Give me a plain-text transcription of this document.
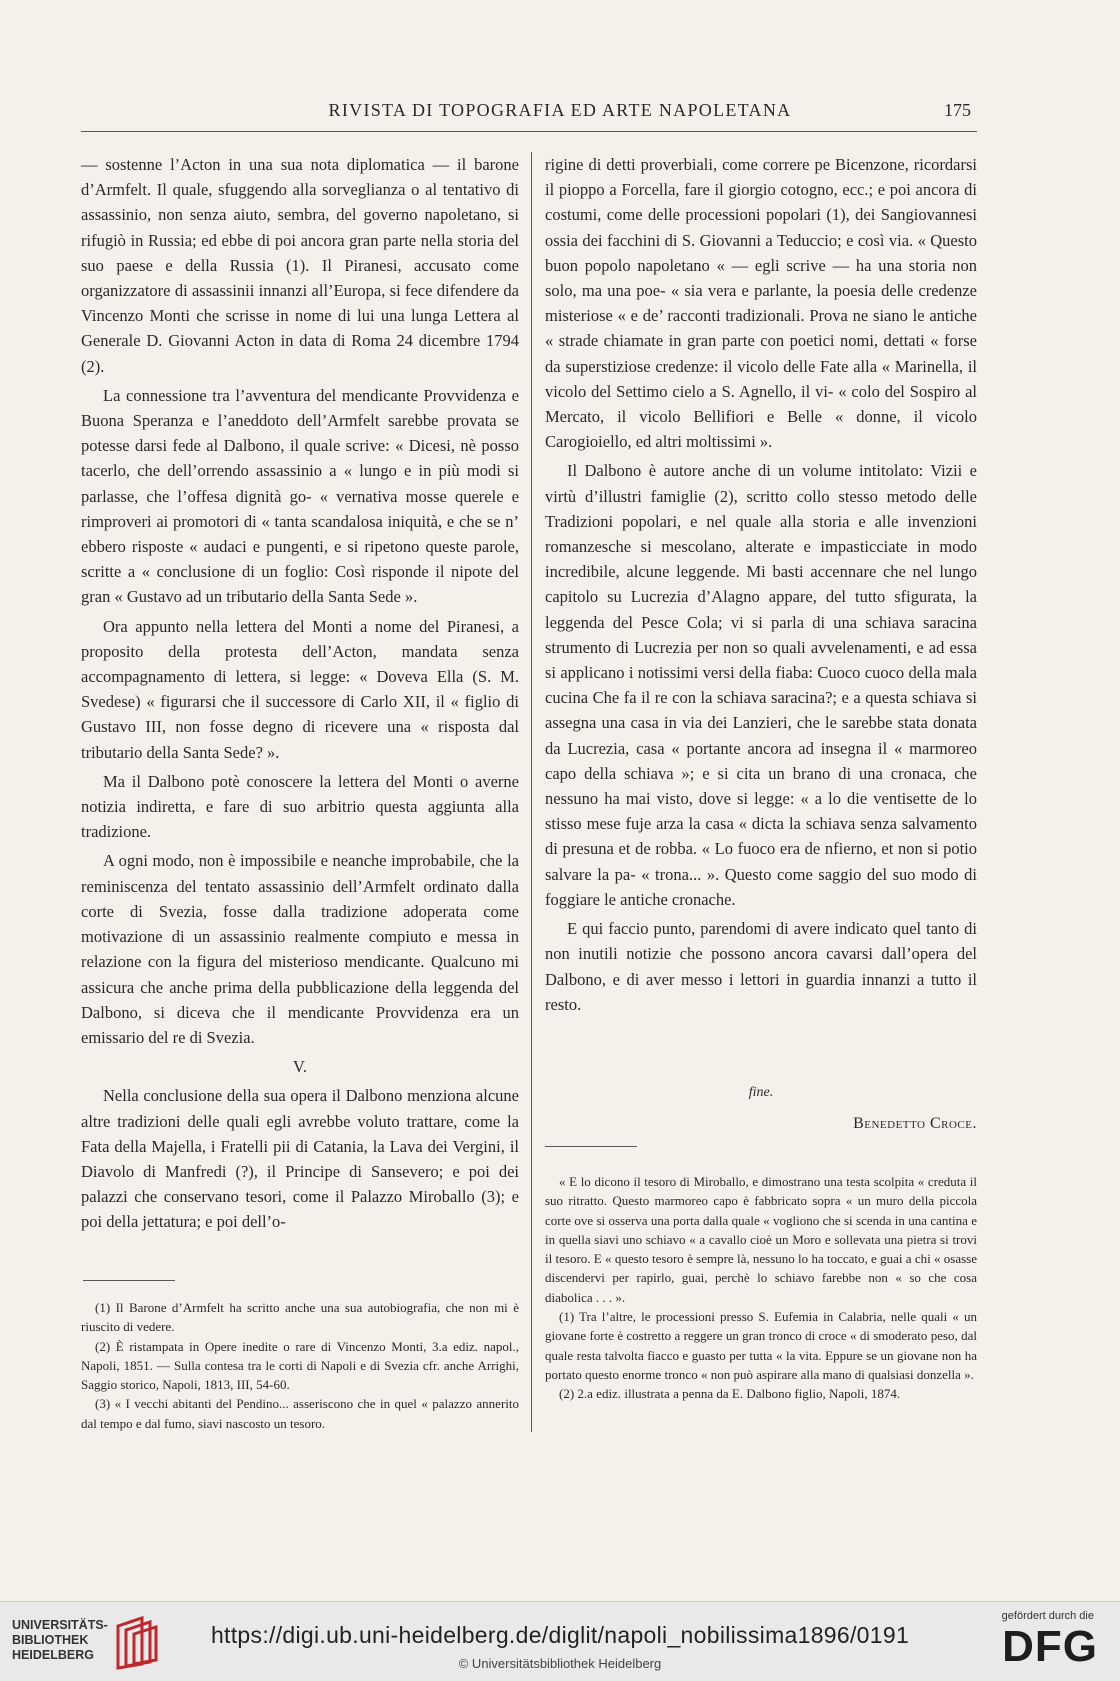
RIVISTA DI TOPOGRAFIA ED ARTE NAPOLETANA	175

— sostenne l’Acton in una sua nota diplomatica — il barone d’Armfelt. Il quale, sfuggendo alla sorveglianza o al tentativo di assassinio, non senza aiuto, sembra, del governo napoletano, si rifugiò in Russia; ed ebbe di poi ancora gran parte nella storia del suo paese e della Russia (1). Il Piranesi, accusato come organizzatore di assassinii innanzi all’Europa, si fece difendere da Vincenzo Monti che scrisse in nome di lui una lunga Lettera al Generale D. Giovanni Acton in data di Roma 24 dicembre 1794 (2).

La connessione tra l’avventura del mendicante Provvidenza e Buona Speranza e l’aneddoto dell’Armfelt sarebbe provata se potesse darsi fede al Dalbono, il quale scrive: « Dicesi, nè posso tacerlo, che dell’orrendo assassinio a « lungo e in più modi si parlasse, che l’offesa dignità go- « vernativa mosse querele e rimproveri ai promotori di « tanta scandalosa iniquità, e che se n’ ebbero risposte « audaci e pungenti, e si ripetono queste parole, scritte a « conclusione di un foglio: Così risponde il nipote del gran « Gustavo ad un tributario della Santa Sede ».

Ora appunto nella lettera del Monti a nome del Piranesi, a proposito della protesta dell’Acton, mandata senza accompagnamento di lettera, si legge: « Doveva Ella (S. M. Svedese) « figurarsi che il successore di Carlo XII, il « figlio di Gustavo III, non fosse degno di ricevere una « risposta dal tributario della Santa Sede? ».

Ma il Dalbono potè conoscere la lettera del Monti o averne notizia indiretta, e fare di suo arbitrio questa aggiunta alla tradizione.

A ogni modo, non è impossibile e neanche improbabile, che la reminiscenza del tentato assassinio dell’Armfelt ordinato dalla corte di Svezia, fosse dalla tradizione adoperata come motivazione di un assassinio realmente compiuto e messa in relazione con la figura del misterioso mendicante. Qualcuno mi assicura che anche prima della pubblicazione della leggenda del Dalbono, si diceva che il mendicante Provvidenza era un emissario del re di Svezia.

V.

Nella conclusione della sua opera il Dalbono menziona alcune altre tradizioni delle quali egli avrebbe voluto trattare, come la Fata della Majella, i Fratelli pii di Catania, la Lava dei Vergini, il Diavolo di Manfredi (?), il Principe di Sansevero; e poi dei palazzi che conservano tesori, come il Palazzo Miroballo (3); e poi della jettatura; e poi dell’o-

rigine di detti proverbiali, come correre pe Bicenzone, ricordarsi il pioppo a Forcella, fare il giorgio cotogno, ecc.; e poi ancora di costumi, come delle processioni popolari (1), dei Sangiovannesi ossia dei facchini di S. Giovanni a Teduccio; e così via. « Questo buon popolo napoletano « — egli scrive — ha una storia non solo, ma una poe- « sia vera e parlante, la poesia delle credenze misteriose « e de’ racconti tradizionali. Prova ne siano le antiche « strade chiamate in gran parte con poetici nomi, dettati « forse da superstiziose credenze: il vicolo delle Fate alla « Marinella, il vicolo del Settimo cielo a S. Agnello, il vi- « colo del Sospiro al Mercato, il vicolo Bellifiori e Belle « donne, il vicolo Carogioiello, ed altri moltissimi ».

Il Dalbono è autore anche di un volume intitolato: Vizii e virtù d’illustri famiglie (2), scritto collo stesso metodo delle Tradizioni popolari, e nel quale alla storia e alle invenzioni romanzesche si mescolano, alterate e impasticciate in modo incredibile, alcune leggende. Mi basti accennare che nel lungo capitolo su Lucrezia d’Alagno appare, del tutto sfigurata, la leggenda del Pesce Cola; vi si parla di una schiava saracina strumento di Lucrezia per non so quali avvelenamenti, e ad essa si applicano i notissimi versi della fiaba: Cuoco cuoco della mala cucina Che fa il re con la schiava saracina?; e a questa schiava si assegna una casa in via dei Lanzieri, che le sarebbe stata donata da Lucrezia, casa « portante ancora ad insegna il « marmoreo capo della schiava »; e si cita un brano di una cronaca, che nessuno ha mai visto, dove si legge: « a lo die ventisette de lo stisso mese fuje arza la casa « dicta la schiava senza salvamento di presuna et de robba. « Lo fuoco era de nfierno, et non si potio salvare la pa- « trona... ». Questo come saggio del suo modo di foggiare le antiche cronache.

E qui faccio punto, parendomi di avere indicato quel tanto di non inutili notizie che possono ancora cavarsi dall’opera del Dalbono, e di aver messo i lettori in guardia innanzi a tutto il resto.

fine.
Benedetto Croce.

(1) Il Barone d’Armfelt ha scritto anche una sua autobiografia, che non mi è riuscito di vedere.

(2) È ristampata in Opere inedite o rare di Vincenzo Monti, 3.a ediz. napol., Napoli, 1851. — Sulla contesa tra le corti di Napoli e di Svezia cfr. anche Arrighi, Saggio storico, Napoli, 1813, III, 54-60.

(3) « I vecchi abitanti del Pendino... asseriscono che in quel « palazzo annerito dal tempo e dal fumo, siavi nascosto un tesoro.

« E lo dicono il tesoro di Miroballo, e dimostrano una testa scolpita « creduta il suo ritratto. Questo marmoreo capo è fabbricato sopra « un muro della piccola corte ove si osserva una porta dalla quale « vogliono che si scenda in una cantina e in quella siavi uno schiavo « a cavallo cioè un Moro e sollevata una pietra si trovi il tesoro. E « questo tesoro è sempre là, nessuno lo ha toccato, e guai a chi « osasse discendervi per rapirlo, guai, perchè lo schiavo farebbe non « so che cosa diabolica . . . ».

(1) Tra l’altre, le processioni presso S. Eufemia in Calabria, nelle quali « un giovane forte è costretto a reggere un gran tronco di croce « di smoderato peso, dal quale resta talvolta fiacco e guasto per tutta « la vita. Eppure se un giovane non ha portato questo enorme tronco « non può aspirare alla mano di qualsiasi donzella ».

(2) 2.a ediz. illustrata a penna da E. Dalbono figlio, Napoli, 1874.

UNIVERSITÄTS- BIBLIOTHEK HEIDELBERG
https://digi.ub.uni-heidelberg.de/diglit/napoli_nobilissima1896/0191
© Universitätsbibliothek Heidelberg
gefördert durch die
DFG
